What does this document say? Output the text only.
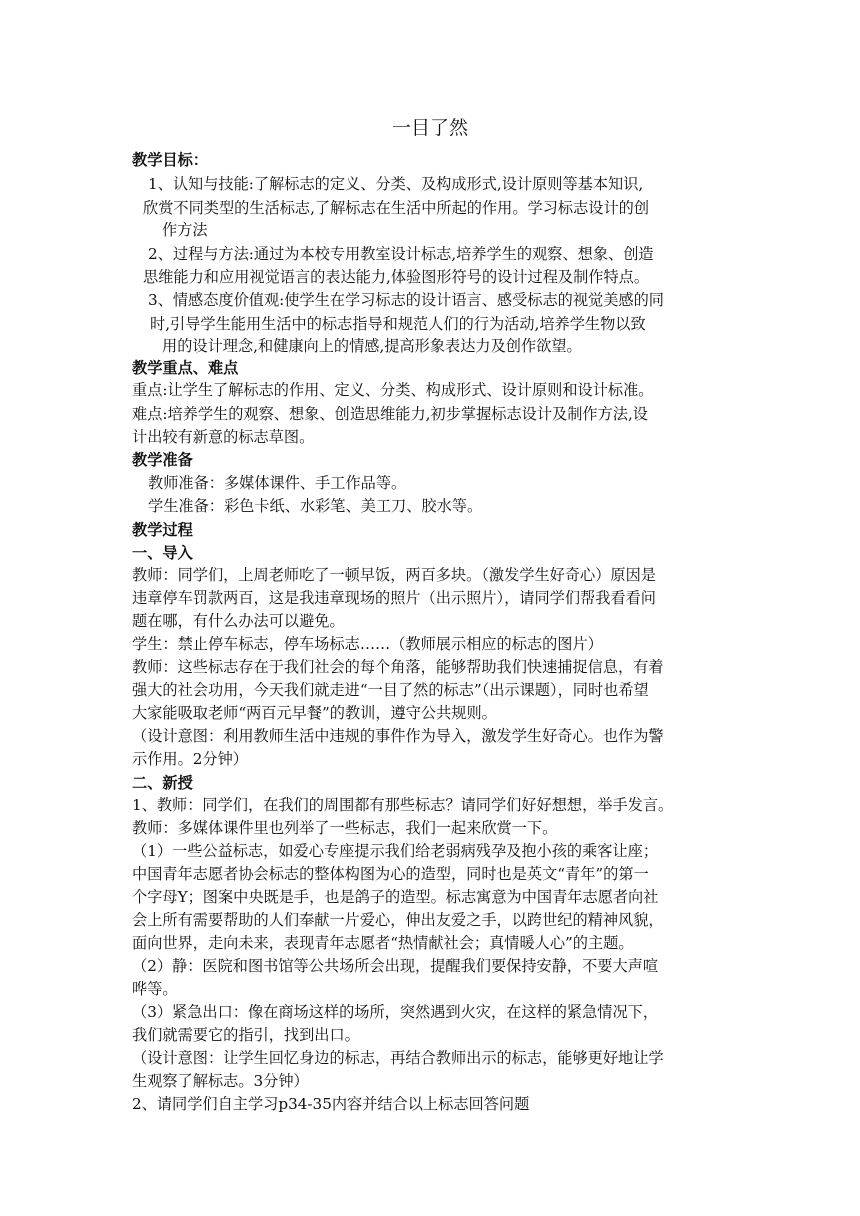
一目了然
教学目标：
1、认知与技能:了解标志的定义、分类、及构成形式,设计原则等基本知识,
欣赏不同类型的生活标志,了解标志在生活中所起的作用。学习标志设计的创
作方法
2、过程与方法:通过为本校专用教室设计标志,培养学生的观察、想象、创造
思维能力和应用视觉语言的表达能力,体验图形符号的设计过程及制作特点。
3、情感态度价值观:使学生在学习标志的设计语言、感受标志的视觉美感的同
时,引导学生能用生活中的标志指导和规范人们的行为活动,培养学生物以致
用的设计理念,和健康向上的情感,提高形象表达力及创作欲望。
教学重点、难点
重点:让学生了解标志的作用、定义、分类、构成形式、设计原则和设计标准。
难点:培养学生的观察、想象、创造思维能力,初步掌握标志设计及制作方法,设
计出较有新意的标志草图。
教学准备
教师准备：多媒体课件、手工作品等。
学生准备：彩色卡纸、水彩笔、美工刀、胶水等。
教学过程
一、导入
教师：同学们，上周老师吃了一顿早饭，两百多块。（激发学生好奇心）原因是
违章停车罚款两百，这是我违章现场的照片（出示照片），请同学们帮我看看问
题在哪，有什么办法可以避免。
学生：禁止停车标志，停车场标志……（教师展示相应的标志的图片）
教师：这些标志存在于我们社会的每个角落，能够帮助我们快速捕捉信息，有着
强大的社会功用，今天我们就走进“一目了然的标志”（出示课题），同时也希望
大家能吸取老师“两百元早餐”的教训，遵守公共规则。
（设计意图：利用教师生活中违规的事件作为导入，激发学生好奇心。也作为警
示作用。2分钟）
二、新授
1、教师：同学们，在我们的周围都有那些标志？请同学们好好想想，举手发言。
教师：多媒体课件里也列举了一些标志，我们一起来欣赏一下。
（1）一些公益标志，如爱心专座提示我们给老弱病残孕及抱小孩的乘客让座；
中国青年志愿者协会标志的整体构图为心的造型，同时也是英文“青年”的第一
个字母Y；图案中央既是手，也是鸽子的造型。标志寓意为中国青年志愿者向社
会上所有需要帮助的人们奉献一片爱心，伸出友爱之手，以跨世纪的精神风貌，
面向世界，走向未来，表现青年志愿者“热情献社会；真情暖人心”的主题。
（2）静：医院和图书馆等公共场所会出现，提醒我们要保持安静，不要大声喧
哗等。
（3）紧急出口：像在商场这样的场所，突然遇到火灾，在这样的紧急情况下，
我们就需要它的指引，找到出口。
（设计意图：让学生回忆身边的标志，再结合教师出示的标志，能够更好地让学
生观察了解标志。3分钟）
2、请同学们自主学习p34-35内容并结合以上标志回答问题
